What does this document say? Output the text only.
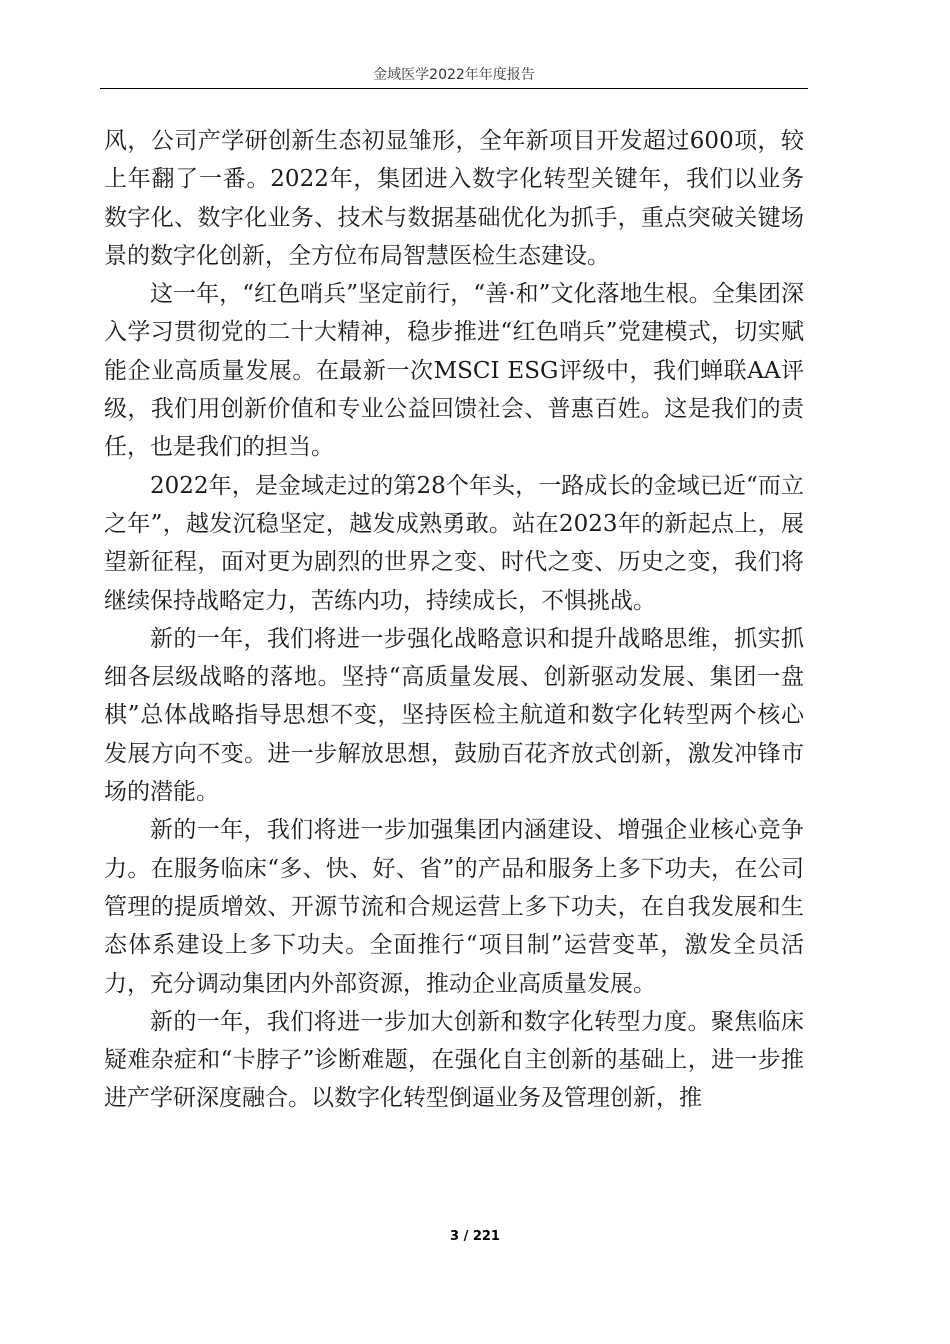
金域医学2022年年度报告

风，公司产学研创新生态初显雏形，全年新项目开发超过600项，较上年翻了一番。2022年，集团进入数字化转型关键年，我们以业务数字化、数字化业务、技术与数据基础优化为抓手，重点突破关键场景的数字化创新，全方位布局智慧医检生态建设。

这一年，“红色哨兵”坚定前行，“善·和”文化落地生根。全集团深入学习贯彻党的二十大精神，稳步推进“红色哨兵”党建模式，切实赋能企业高质量发展。在最新一次MSCI ESG评级中，我们蝉联AA评级，我们用创新价值和专业公益回馈社会、普惠百姓。这是我们的责任，也是我们的担当。

2022年，是金域走过的第28个年头，一路成长的金域已近“而立之年”，越发沉稳坚定，越发成熟勇敢。站在2023年的新起点上，展望新征程，面对更为剧烈的世界之变、时代之变、历史之变，我们将继续保持战略定力，苦练内功，持续成长，不惧挑战。

新的一年，我们将进一步强化战略意识和提升战略思维，抓实抓细各层级战略的落地。坚持“高质量发展、创新驱动发展、集团一盘棋”总体战略指导思想不变，坚持医检主航道和数字化转型两个核心发展方向不变。进一步解放思想，鼓励百花齐放式创新，激发冲锋市场的潜能。

新的一年，我们将进一步加强集团内涵建设、增强企业核心竞争力。在服务临床“多、快、好、省”的产品和服务上多下功夫，在公司管理的提质增效、开源节流和合规运营上多下功夫，在自我发展和生态体系建设上多下功夫。全面推行“项目制”运营变革，激发全员活力，充分调动集团内外部资源，推动企业高质量发展。

新的一年，我们将进一步加大创新和数字化转型力度。聚焦临床疑难杂症和“卡脖子”诊断难题，在强化自主创新的基础上，进一步推进产学研深度融合。以数字化转型倒逼业务及管理创新，推

3 / 221
